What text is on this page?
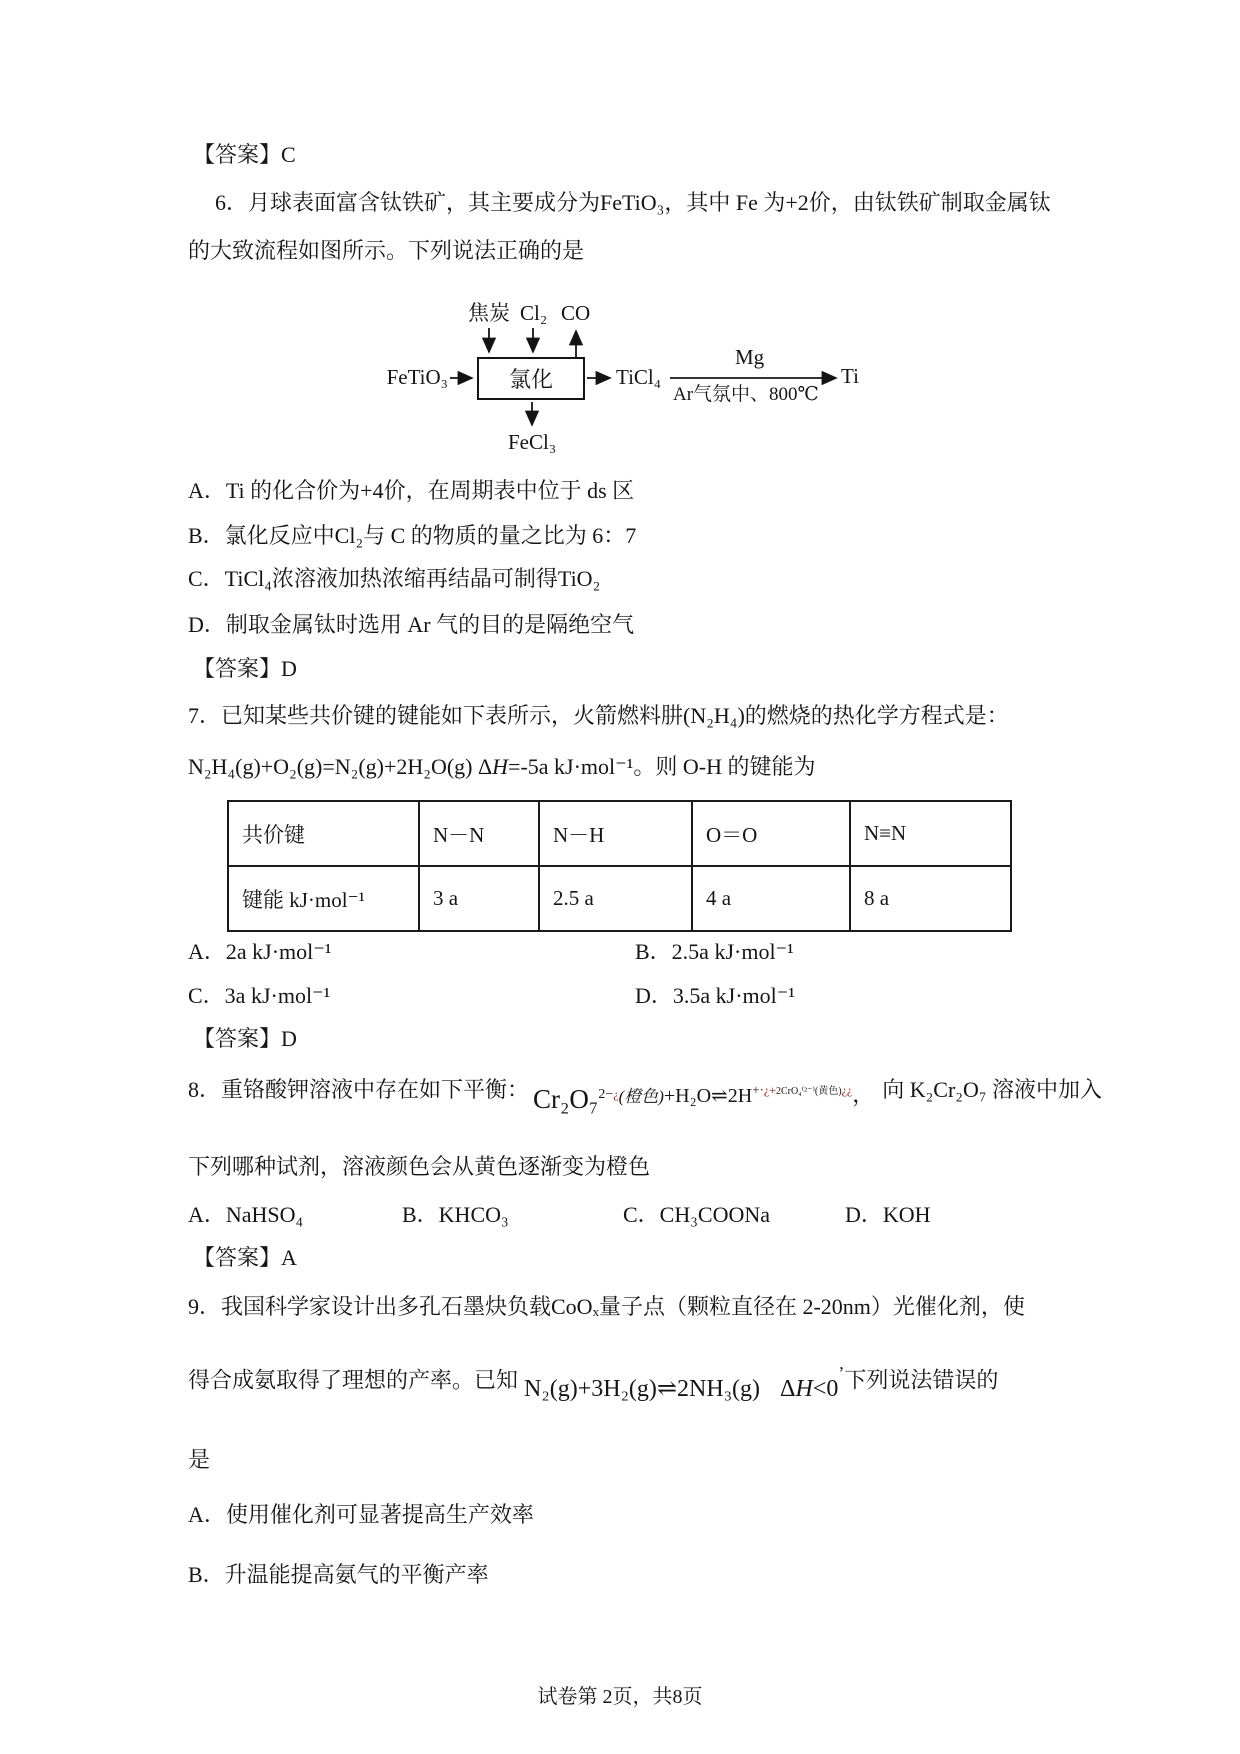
【答案】C
6．月球表面富含钛铁矿，其主要成分为FeTiO₃，其中 Fe 为+2价，由钛铁矿制取金属钛
的大致流程如图所示。下列说法正确的是
焦炭 Cl₂ CO
氯化
FeTiO₃	TiCl₄
Mg
Ar气氛中、800℃
Ti
FeCl₃
A．Ti 的化合价为+4价，在周期表中位于 ds 区
B．氯化反应中Cl₂与 C 的物质的量之比为 6：7
C．TiCl₄浓溶液加热浓缩再结晶可制得TiO₂
D．制取金属钛时选用 Ar 气的目的是隔绝空气
【答案】D
7．已知某些共价键的键能如下表所示，火箭燃料肼(N₂H₄)的燃烧的热化学方程式是：
N₂H₄(g)+O₂(g)=N₂(g)+2H₂O(g) ΔH=-5a kJ·mol⁻¹。则 O-H 的键能为
共价键	N－N	N－H	O＝O	N≡N
键能 kJ·mol⁻¹	3 a	2.5 a	4 a	8 a
A．2a kJ·mol⁻¹	B．2.5a kJ·mol⁻¹
C．3a kJ·mol⁻¹	D．3.5a kJ·mol⁻¹
【答案】D
8．重铬酸钾溶液中存在如下平衡： Cr₂O₇$^{2-¿}$(橙色)$+H_2O\rightleftharpoons 2H^{+\cdot¿+2CrO_4^{(2-)}(黄色)¿¿}$， 向 K₂Cr₂O₇ 溶液中加入
下列哪种试剂，溶液颜色会从黄色逐渐变为橙色
A．NaHSO₄	B．KHCO₃	C．CH₃COONa	D．KOH
【答案】A
9．我国科学家设计出多孔石墨炔负载CoOₓ量子点（颗粒直径在 2-20nm）光催化剂，使
得合成氨取得了理想的产率。已知 N₂(g)+3H₂(g)⇌2NH₃(g) ΔH<0’下列说法错误的
是
A．使用催化剂可显著提高生产效率
B．升温能提高氨气的平衡产率
试卷第 2页，共8页
